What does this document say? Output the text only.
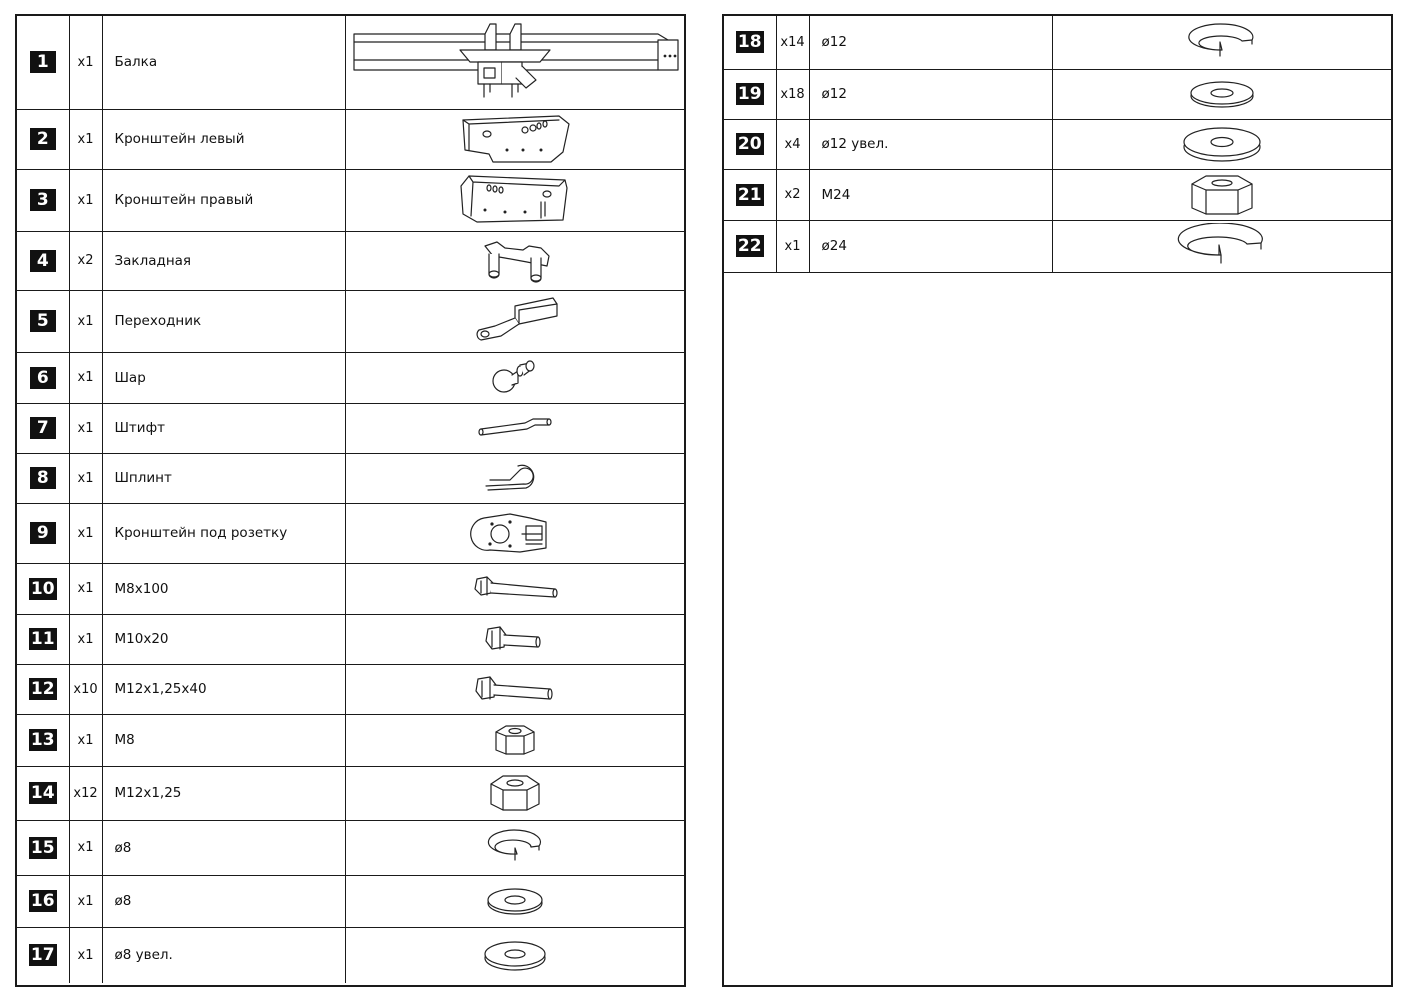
1	x1	Балка	

2	x1	Кронштейн левый	

3	x1	Кронштейн правый	

4	x2	Закладная	

5	x1	Переходник	

6	x1	Шар	

7	x1	Штифт	

8	x1	Шплинт	

9	x1	Кронштейн под розетку	

10	x1	M8x100	

11	x1	M10x20	

12	x10	M12x1,25x40	

13	x1	M8	

14	x12	M12x1,25	

15	x1	ø8	

16	x1	ø8	

17	x1	ø8 увел.	
18	x14	ø12	

19	x18	ø12	

20	x4	ø12 увел.	

21	x2	M24	

22	x1	ø24	
